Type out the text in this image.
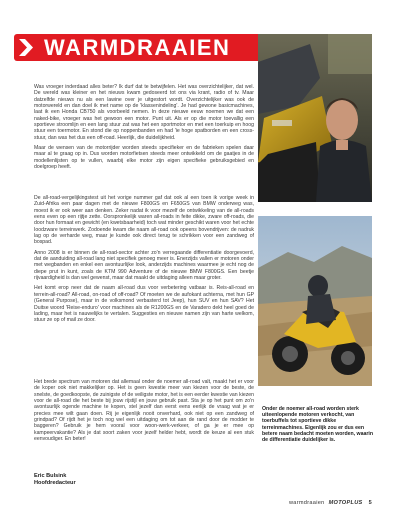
WARMDRAAIEN

Was vroeger inderdaad alles beter? Ik durf dat te betwijfelen. Het was overzichtelijker, dat wel. De wereld was kleiner en het nieuws kwam gedoseerd tot ons via krant, radio of tv. Maar datzelfde nieuws nu als een lawine over je uitgestort wordt. Overzichtelijker was ook de motorwereld en dan doel ik met name op de 'klassenindeling'. Je had gewone basicmachines, laat ik een Honda CB750 als voorbeeld nemen. In deze nieuwe eeuw noemen we dat een naked-bike, vroeger was het gewoon een motor. Punt uit. Als er op die motor toevallig een sportieve stroomlijn en een lang stuur zat was het een sportmotor en met een toerkuip en hoog stuur een toermotor. En stond die op noppenbanden en had 'ie hoge spatborden en een cross-stuur, dan was het dus een off-road. Heerlijk, die duidelijkheid.

Maar de wensen van de motorrijder worden steeds specifieker en de fabrieken spelen daar maar al te graag op in. Dus worden motorfietsen steeds meer ontwikkeld om de gaatjes in de modellenlijsten op te vullen, waarbij elke motor zijn eigen specifieke gebruiksgebied en doelgroep heeft.

De all-road-vergelijkingstest uit het vorige nummer gaf dat ook al een toen ik vorige week in Zuid-Afrika een paar dagen met de nieuwe F800GS en F650GS van BMW onderweg was, moest ik er ook weer aan denken. Zeker nadat ik voor mezelf de ontwikkeling van de all-roads eens even op een rijtje zette. Oorspronkelijk waren all-roads in feite dikke, zware off-roads, die door hun formaat en gewicht (en kwetsbaarheid) toch wat minder geschikt waren voor het echte Ioodzware terreinwerk. Zodoende kwam die naam all-road ook opeens bovendrijven: de nadruk lag op de verharde weg, maar je kunde ook direct terug te schrikken voor een zandweg of bospad.

Anno 2008 is er binnen de all-road-sector achter zo'n verregaande differentiatie doorgevoerd, dat de aanduiding all-road lang niet specifiek genoeg meer is. Enerzijds vallen er motoren onder met wegbanden en enkel een avontuurlijke look, anderzijds machines waarmee je echt nog de diepe prut in kunt, zoals de KTM 990 Adventure of de nieuwe BMW F800GS. Een beetje rijvaardigheid is dan wel gewenst, maar dat maakt de uitdaging alleen maar groter.

Het komt erop neer dat de naam all-road dus voor verbetering vatbaar is. Reis-all-road en terrein-all-road? All-road, on-road of off-road? Of moeten we de aufokant achterna, met hun GP (General Purpose), maar in de volksmond verbasterd tot Jeep), hun SUV en hun SAV? Het Duitse woord 'Reise-enduro' voor machines als de R1200GS en de Varadero dekt heel goed de lading, maar het is nauwelijks te vertalen. Suggesties en nieuwe namen zijn van harte welkom, stuur ze op of mail ze door.

Het brede spectrum van motoren dat allemaal onder de noemer all-road valt, maakt het er voor de koper ook niet makkelijker op. Het is geen kwestie meer van kiezen voor de beste, de snelste, de goedkoopste, de zuinigste of de veiligste motor, het is een eerder kwestie van kiezen voor de all-road die het beste bij jouw rijstijl en jouw gebruik past. Sta je op het punt om zo'n avontuurlijk ogende machine te kopen, stel jezelf dan eerst eens eerlijk de vraag wat je er precies mee wilt gaan doen. Rij je eigenlijk nooit onverhard, ook niet op een zandweg of grindpad? Of rijdt het je toch nog wel een uitdaging om tot aan de rand door de modder te baggeren? Gebruik je hem vooral voor woon-werk-verkeer, of ga je er mee op kampeervakantie? Als je dat soort zaken voor jezelf helder hebt, wordt de keuze al een stuk eenvoudiger. En beter!

Onder de noemer all-road worden sterk uiteenlopende motoren verkocht, van toerbuffels tot sportieve dikke terreinmachines. Eigenlijk zou er dus een betere naam bedacht moeten worden, waarin de differentiatie duidelijker is.
Eric Bulsink
Hoofdredacteur
warmdraaien MOTOPLUS 5
